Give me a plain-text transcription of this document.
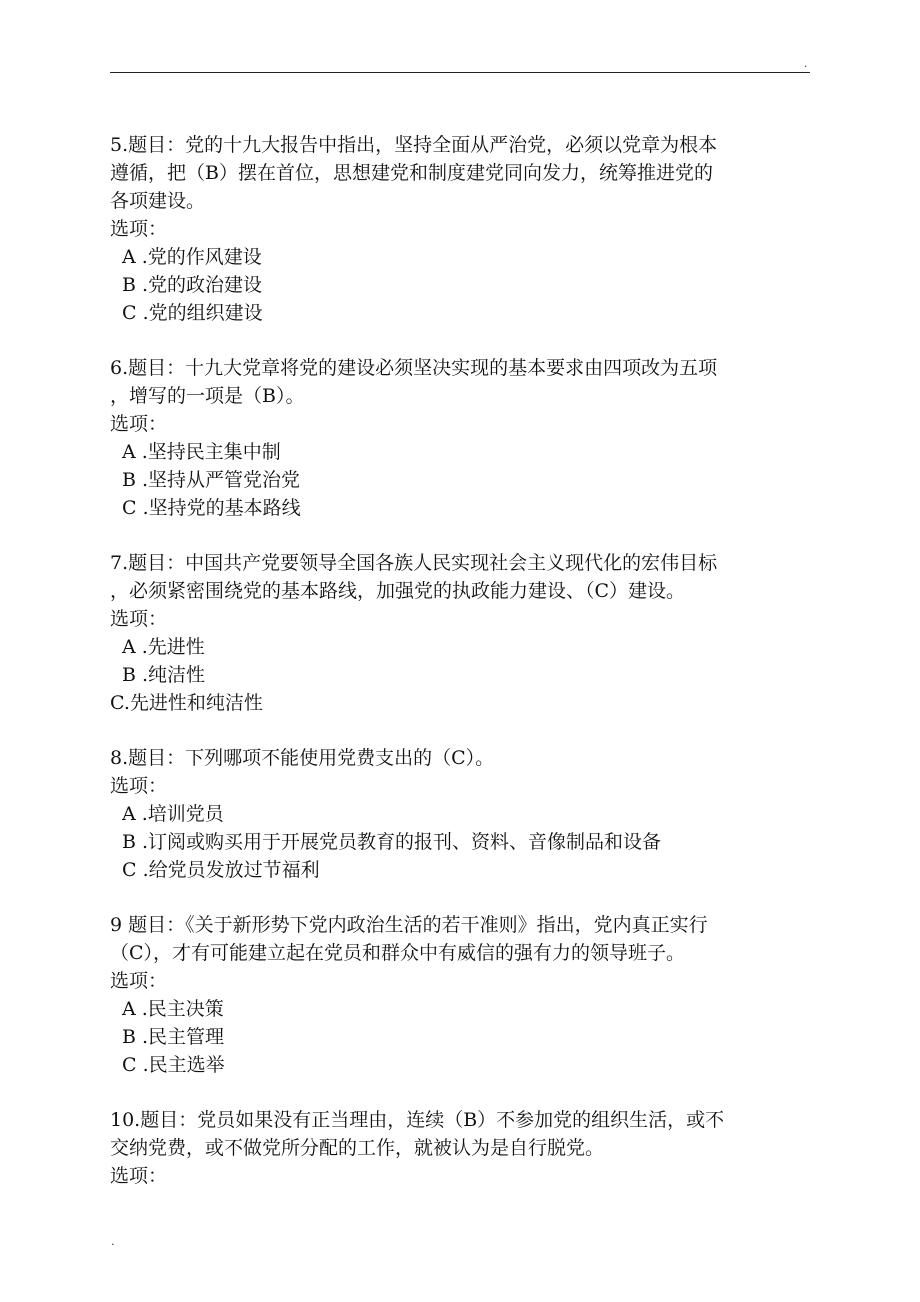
.

5.题目：党的十九大报告中指出，坚持全面从严治党，必须以党章为根本

遵循，把（B）摆在首位，思想建党和制度建党同向发力，统筹推进党的

各项建设。

选项：

A .党的作风建设

B .党的政治建设

C .党的组织建设

6.题目：十九大党章将党的建设必须坚决实现的基本要求由四项改为五项

，增写的一项是（B）。

选项：

A .坚持民主集中制

B .坚持从严管党治党

C .坚持党的基本路线

7.题目：中国共产党要领导全国各族人民实现社会主义现代化的宏伟目标

，必须紧密围绕党的基本路线，加强党的执政能力建设、（C）建设。

选项：

A .先进性

B .纯洁性

C.先进性和纯洁性

8.题目：下列哪项不能使用党费支出的（C）。

选项：

A .培训党员

B .订阅或购买用于开展党员教育的报刊、资料、音像制品和设备

C .给党员发放过节福利

9 题目：《关于新形势下党内政治生活的若干准则》指出，党内真正实行

（C），才有可能建立起在党员和群众中有威信的强有力的领导班子。

选项：

A .民主决策

B .民主管理

C .民主选举

10.题目：党员如果没有正当理由，连续（B）不参加党的组织生活，或不

交纳党费，或不做党所分配的工作，就被认为是自行脱党。

选项：

.
